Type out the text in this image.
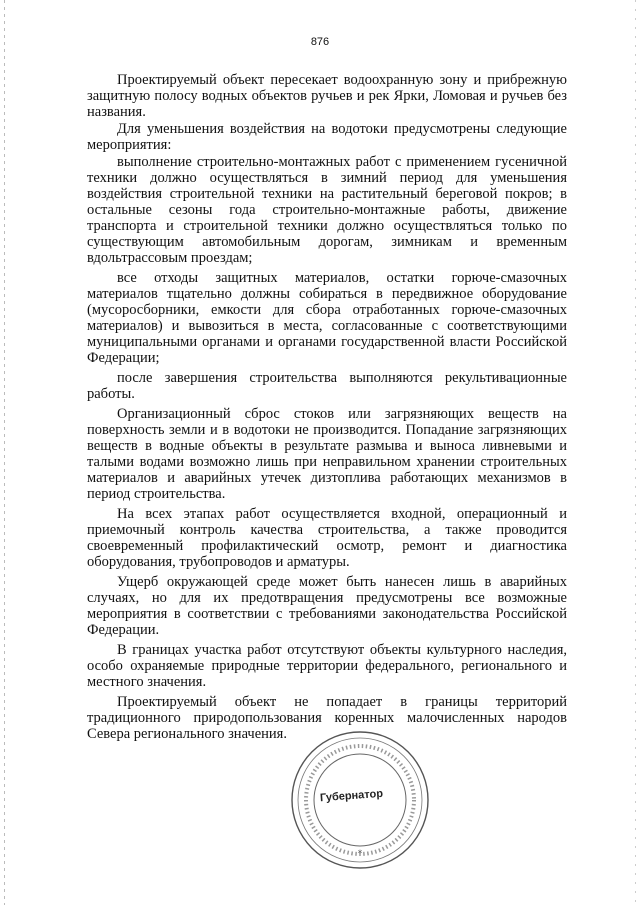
876

Проектируемый объект пересекает водоохранную зону и прибрежную защитную полосу водных объектов ручьев и рек Ярки, Ломовая и ручьев без названия.

Для уменьшения воздействия на водотоки предусмотрены следующие мероприятия:

выполнение строительно-монтажных работ с применением гусеничной техники должно осуществляться в зимний период для уменьшения воздействия строительной техники на растительный береговой покров; в остальные сезоны года строительно-монтажные работы, движение транспорта и строительной техники должно осуществляться только по существующим автомобильным дорогам, зимникам и временным вдольтрассовым проездам;

все отходы защитных материалов, остатки горюче-смазочных материалов тщательно должны собираться в передвижное оборудование (мусоросборники, емкости для сбора отработанных горюче-смазочных материалов) и вывозиться в места, согласованные с соответствующими муниципальными органами и органами государственной власти Российской Федерации;

после завершения строительства выполняются рекультивационные работы.

Организационный сброс стоков или загрязняющих веществ на поверхность земли и в водотоки не производится. Попадание загрязняющих веществ в водные объекты в результате размыва и выноса ливневыми и талыми водами возможно лишь при неправильном хранении строительных материалов и аварийных утечек дизтоплива работающих механизмов в период строительства.

На всех этапах работ осуществляется входной, операционный и приемочный контроль качества строительства, а также проводится своевременный профилактический осмотр, ремонт и диагностика оборудования, трубопроводов и арматуры.

Ущерб окружающей среде может быть нанесен лишь в аварийных случаях, но для их предотвращения предусмотрены все возможные мероприятия в соответствии с требованиями законодательства Российской Федерации.

В границах участка работ отсутствуют объекты культурного наследия, особо охраняемые природные территории федерального, регионального и местного значения.

Проектируемый объект не попадает в границы территорий традиционного природопользования коренных малочисленных народов Севера регионального значения.

*
Губернатор
